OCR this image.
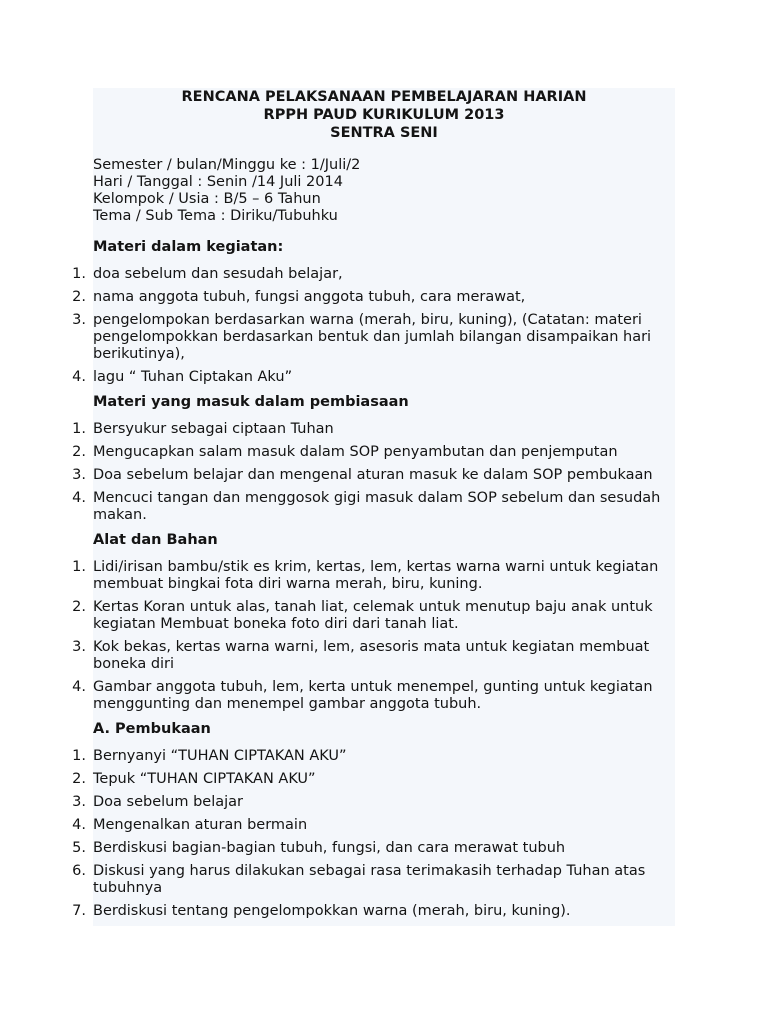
RENCANA PELAKSANAAN PEMBELAJARAN HARIAN
RPPH PAUD KURIKULUM 2013
SENTRA SENI
Semester / bulan/Minggu ke : 1/Juli/2
Hari / Tanggal : Senin /14 Juli 2014
Kelompok / Usia : B/5 – 6 Tahun
Tema / Sub Tema : Diriku/Tubuhku
Materi dalam kegiatan:
1. doa sebelum dan sesudah belajar,
2. nama anggota tubuh, fungsi anggota tubuh, cara merawat,
3. pengelompokan berdasarkan warna (merah, biru, kuning), (Catatan: materi pengelompokkan berdasarkan bentuk dan jumlah bilangan disampaikan hari berikutinya),
4. lagu “ Tuhan Ciptakan Aku”
Materi yang masuk dalam pembiasaan
1. Bersyukur sebagai ciptaan Tuhan
2. Mengucapkan salam masuk dalam SOP penyambutan dan penjemputan
3. Doa sebelum belajar dan mengenal aturan masuk ke dalam SOP pembukaan
4. Mencuci tangan dan menggosok gigi masuk dalam SOP sebelum dan sesudah makan.
Alat dan Bahan
1. Lidi/irisan bambu/stik es krim, kertas, lem, kertas warna warni untuk kegiatan membuat bingkai fota diri warna merah, biru, kuning.
2. Kertas Koran untuk alas, tanah liat, celemak untuk menutup baju anak untuk kegiatan Membuat boneka foto diri dari tanah liat.
3. Kok bekas, kertas warna warni, lem, asesoris mata untuk kegiatan membuat boneka diri
4. Gambar anggota tubuh, lem, kerta untuk menempel, gunting untuk kegiatan menggunting dan menempel gambar anggota tubuh.
A. Pembukaan
1. Bernyanyi “TUHAN CIPTAKAN AKU”
2. Tepuk “TUHAN CIPTAKAN AKU”
3. Doa sebelum belajar
4. Mengenalkan aturan bermain
5. Berdiskusi bagian-bagian tubuh, fungsi, dan cara merawat tubuh
6. Diskusi yang harus dilakukan sebagai rasa terimakasih terhadap Tuhan atas tubuhnya
7. Berdiskusi tentang pengelompokkan warna (merah, biru, kuning).
